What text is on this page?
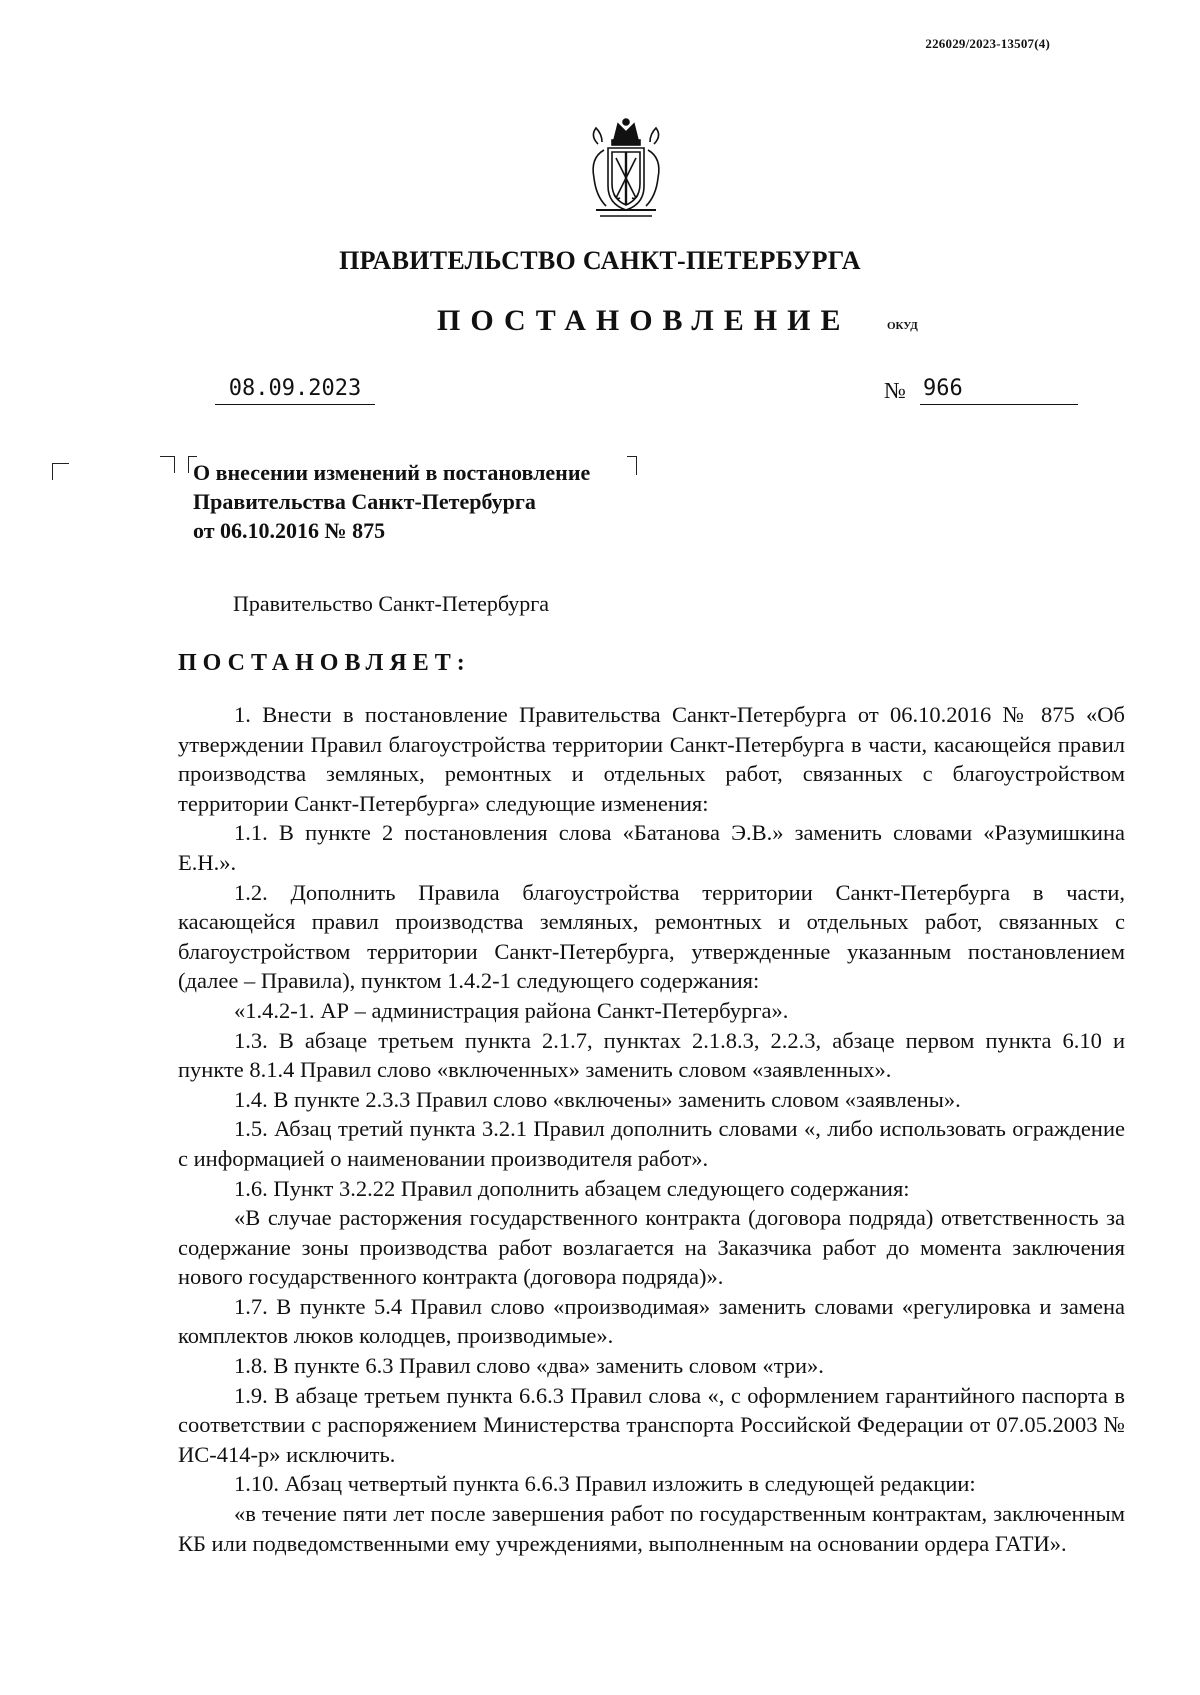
226029/2023-13507(4)
ПРАВИТЕЛЬСТВО САНКТ-ПЕТЕРБУРГА
ПОСТАНОВЛЕНИЕ	ОКУД
08.09.2023	№ 966
О внесении изменений в постановление
Правительства Санкт-Петербурга
от 06.10.2016 № 875
Правительство Санкт-Петербурга
ПОСТАНОВЛЯЕТ:

1. Внести в постановление Правительства Санкт-Петербурга от 06.10.2016 № 875 «Об утверждении Правил благоустройства территории Санкт-Петербурга в части, касающейся правил производства земляных, ремонтных и отдельных работ, связанных с благоустройством территории Санкт-Петербурга» следующие изменения:

1.1. В пункте 2 постановления слова «Батанова Э.В.» заменить словами «Разумишкина Е.Н.».

1.2. Дополнить Правила благоустройства территории Санкт-Петербурга в части, касающейся правил производства земляных, ремонтных и отдельных работ, связанных с благоустройством территории Санкт-Петербурга, утвержденные указанным постановлением (далее – Правила), пунктом 1.4.2-1 следующего содержания:

«1.4.2-1. АР – администрация района Санкт-Петербурга».

1.3. В абзаце третьем пункта 2.1.7, пунктах 2.1.8.3, 2.2.3, абзаце первом пункта 6.10 и пункте 8.1.4 Правил слово «включенных» заменить словом «заявленных».

1.4. В пункте 2.3.3 Правил слово «включены» заменить словом «заявлены».

1.5. Абзац третий пункта 3.2.1 Правил дополнить словами «, либо использовать ограждение с информацией о наименовании производителя работ».

1.6. Пункт 3.2.22 Правил дополнить абзацем следующего содержания:

«В случае расторжения государственного контракта (договора подряда) ответственность за содержание зоны производства работ возлагается на Заказчика работ до момента заключения нового государственного контракта (договора подряда)».

1.7. В пункте 5.4 Правил слово «производимая» заменить словами «регулировка и замена комплектов люков колодцев, производимые».

1.8. В пункте 6.3 Правил слово «два» заменить словом «три».

1.9. В абзаце третьем пункта 6.6.3 Правил слова «, с оформлением гарантийного паспорта в соответствии с распоряжением Министерства транспорта Российской Федерации от 07.05.2003 № ИС-414-р» исключить.

1.10. Абзац четвертый пункта 6.6.3 Правил изложить в следующей редакции:

«в течение пяти лет после завершения работ по государственным контрактам, заключенным КБ или подведомственными ему учреждениями, выполненным на основании ордера ГАТИ».
